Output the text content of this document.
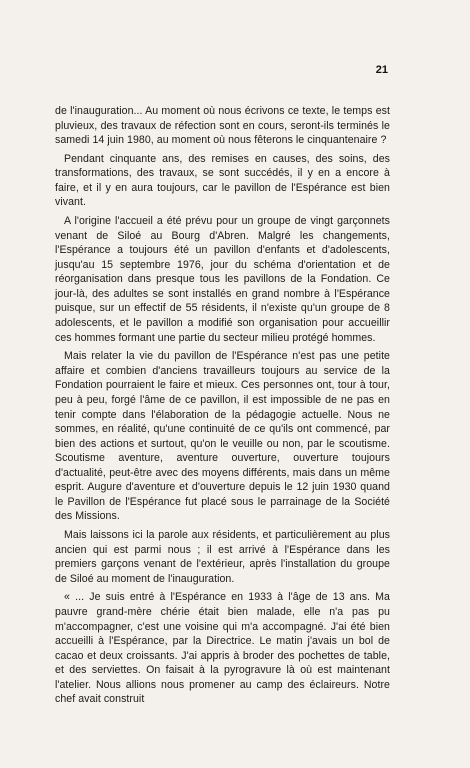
21

de l'inauguration... Au moment où nous écrivons ce texte, le temps est pluvieux, des travaux de réfection sont en cours, seront-ils terminés le samedi 14 juin 1980, au moment où nous fêterons le cinquantenaire ?

Pendant cinquante ans, des remises en causes, des soins, des transformations, des travaux, se sont succédés, il y en a encore à faire, et il y en aura toujours, car le pavillon de l'Espérance est bien vivant.

A l'origine l'accueil a été prévu pour un groupe de vingt garçonnets venant de Siloé au Bourg d'Abren. Malgré les changements, l'Espérance a toujours été un pavillon d'enfants et d'adolescents, jusqu'au 15 septembre 1976, jour du schéma d'orientation et de réorganisation dans presque tous les pavillons de la Fondation. Ce jour-là, des adultes se sont installés en grand nombre à l'Espérance puisque, sur un effectif de 55 résidents, il n'existe qu'un groupe de 8 adolescents, et le pavillon a modifié son organisation pour accueillir ces hommes formant une partie du secteur milieu protégé hommes.

Mais relater la vie du pavillon de l'Espérance n'est pas une petite affaire et combien d'anciens travailleurs toujours au service de la Fondation pourraient le faire et mieux. Ces personnes ont, tour à tour, peu à peu, forgé l'âme de ce pavillon, il est impossible de ne pas en tenir compte dans l'élaboration de la pédagogie actuelle. Nous ne sommes, en réalité, qu'une continuité de ce qu'ils ont commencé, par bien des actions et surtout, qu'on le veuille ou non, par le scoutisme. Scoutisme aventure, aventure ouverture, ouverture toujours d'actualité, peut-être avec des moyens différents, mais dans un même esprit. Augure d'aventure et d'ouverture depuis le 12 juin 1930 quand le Pavillon de l'Espérance fut placé sous le parrainage de la Société des Missions.

Mais laissons ici la parole aux résidents, et particulièrement au plus ancien qui est parmi nous ; il est arrivé à l'Espérance dans les premiers garçons venant de l'extérieur, après l'installation du groupe de Siloé au moment de l'inauguration.

« ... Je suis entré à l'Espérance en 1933 à l'âge de 13 ans. Ma pauvre grand-mère chérie était bien malade, elle n'a pas pu m'accompagner, c'est une voisine qui m'a accompagné. J'ai été bien accueilli à l'Espérance, par la Directrice. Le matin j'avais un bol de cacao et deux croissants. J'ai appris à broder des pochettes de table, et des serviettes. On faisait à la pyrogravure là où est maintenant l'atelier. Nous allions nous promener au camp des éclaireurs. Notre chef avait construit
